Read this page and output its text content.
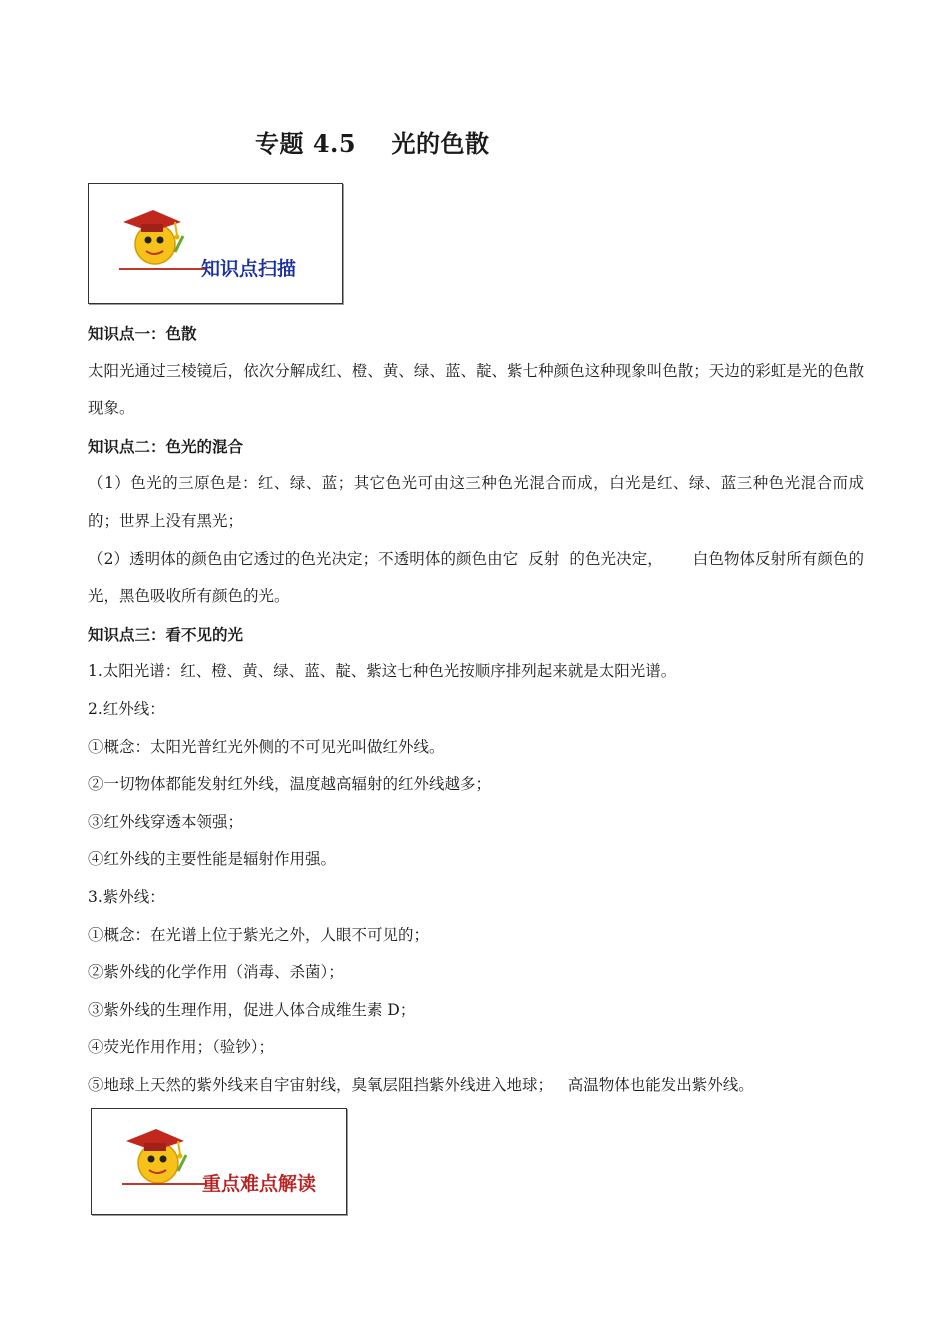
专题 4.5    光的色散
知识点扫描

知识点一：色散

太阳光通过三棱镜后，依次分解成红、橙、黄、绿、蓝、靛、紫七种颜色这种现象叫色散；天边的彩虹是光的色散现象。

知识点二：色光的混合

（1）色光的三原色是：红、绿、蓝；其它色光可由这三种色光混合而成，白光是红、绿、蓝三种色光混合而成的；世界上没有黑光；

（2）透明体的颜色由它透过的色光决定；不透明体的颜色由它  反射  的色光决定，      白色物体反射所有颜色的光，黑色吸收所有颜色的光。

知识点三：看不见的光

1.太阳光谱：红、橙、黄、绿、蓝、靛、紫这七种色光按顺序排列起来就是太阳光谱。

2.红外线：

①概念：太阳光普红光外侧的不可见光叫做红外线。

②一切物体都能发射红外线，温度越高辐射的红外线越多；

③红外线穿透本领强；

④红外线的主要性能是辐射作用强。

3.紫外线：

①概念：在光谱上位于紫光之外，人眼不可见的；

②紫外线的化学作用（消毒、杀菌）；

③紫外线的生理作用，促进人体合成维生素 D；

④荧光作用作用；（验钞）；

⑤地球上天然的紫外线来自宇宙射线，臭氧层阻挡紫外线进入地球；   高温物体也能发出紫外线。

重点难点解读
